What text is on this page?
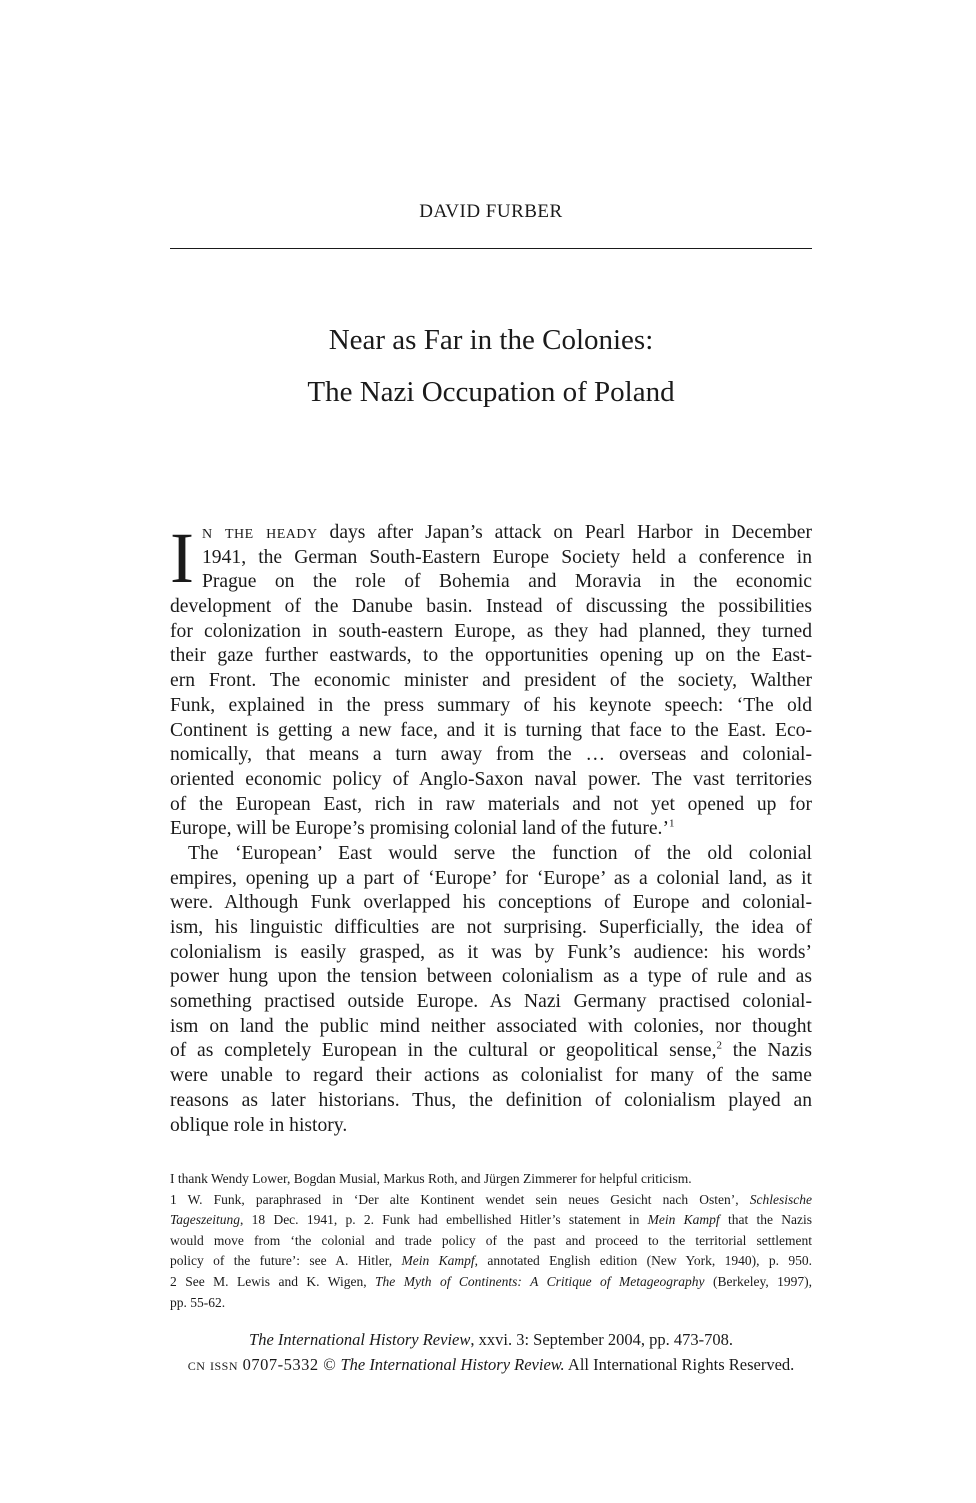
DAVID FURBER
Near as Far in the Colonies:
The Nazi Occupation of Poland
I n the heady days after Japan’s attack on Pearl Harbor in December
1941, the German South-Eastern Europe Society held a conference in
Prague on the role of Bohemia and Moravia in the economic
development of the Danube basin. Instead of discussing the possibilities
for colonization in south-eastern Europe, as they had planned, they turned
their gaze further eastwards, to the opportunities opening up on the East-
ern Front. The economic minister and president of the society, Walther
Funk, explained in the press summary of his keynote speech: ‘The old
Continent is getting a new face, and it is turning that face to the East. Eco-
nomically, that means a turn away from the … overseas and colonial-
oriented economic policy of Anglo-Saxon naval power. The vast territories
of the European East, rich in raw materials and not yet opened up for
Europe, will be Europe’s promising colonial land of the future.’$^1$
The ‘European’ East would serve the function of the old colonial
empires, opening up a part of ‘Europe’ for ‘Europe’ as a colonial land, as it
were. Although Funk overlapped his conceptions of Europe and colonial-
ism, his linguistic difficulties are not surprising. Superficially, the idea of
colonialism is easily grasped, as it was by Funk’s audience: his words’
power hung upon the tension between colonialism as a type of rule and as
something practised outside Europe. As Nazi Germany practised colonial-
ism on land the public mind neither associated with colonies, nor thought
of as completely European in the cultural or geopolitical sense,$^2$ the Nazis
were unable to regard their actions as colonialist for many of the same
reasons as later historians. Thus, the definition of colonialism played an
oblique role in history.
I thank Wendy Lower, Bogdan Musial, Markus Roth, and Jürgen Zimmerer for helpful criticism.
1 W. Funk, paraphrased in ‘Der alte Kontinent wendet sein neues Gesicht nach Osten’, Schlesische
Tageszeitung, 18 Dec. 1941, p. 2. Funk had embellished Hitler’s statement in Mein Kampf that the Nazis
would move from ‘the colonial and trade policy of the past and proceed to the territorial settlement
policy of the future’: see A. Hitler, Mein Kampf, annotated English edition (New York, 1940), p. 950.
2 See M. Lewis and K. Wigen, The Myth of Continents: A Critique of Metageography (Berkeley, 1997),
pp. 55-62.
The International History Review, xxvi. 3: September 2004, pp. 473-708.
cn issn 0707-5332 © The International History Review. All International Rights Reserved.
